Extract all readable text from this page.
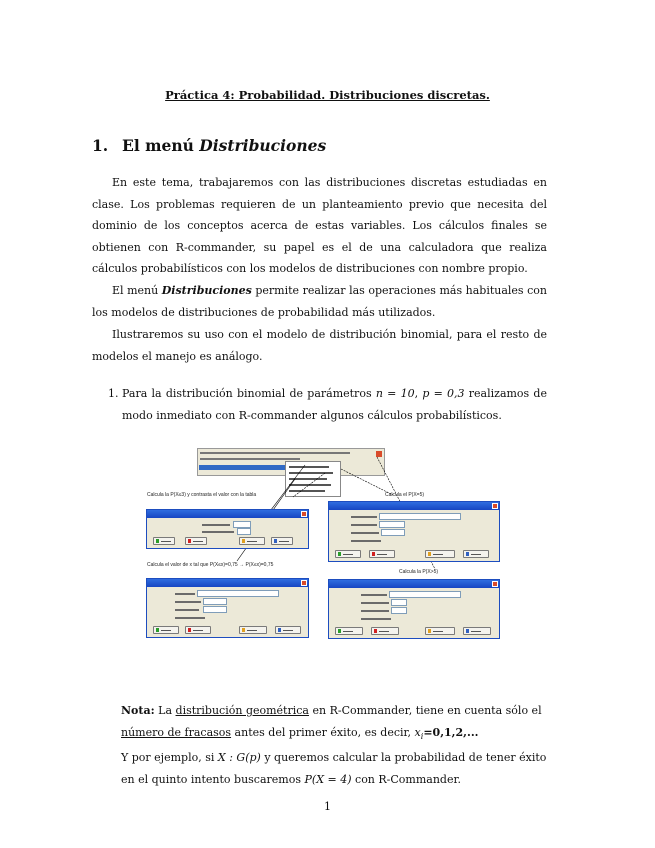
Práctica 4: Probabilidad. Distribuciones discretas.
1. El menú Distribuciones
En este tema, trabajaremos con las distribuciones discretas estudiadas en clase. Los problemas requieren de un planteamiento previo que necesita del dominio de los conceptos acerca de estas variables. Los cálculos finales se obtienen con R-commander, su papel es el de una calculadora que realiza cálculos probabilísticos con los modelos de distribuciones con nombre propio.
El menú Distribuciones permite realizar las operaciones más habituales con los modelos de distribuciones de probabilidad más utilizados.
Ilustraremos su uso con el modelo de distribución binomial, para el resto de modelos el manejo es análogo.
1. Para la distribución binomial de parámetros n = 10, p = 0,3 realizamos de modo inmediato con R-commander algunos cálculos probabilísticos.
Calcula la P(X≤3) y contrasta el valor con la tabla	Calcula el P(X=5)
Calcula el valor de x tal que P(X≤x)=0,75 → P(X≤x)=0,75
Calcula la P(X>5)
Nota: La distribución geométrica en R-Commander, tiene en cuenta sólo el número de fracasos antes del primer éxito, es decir, $x_i=0,1,2$,...
Y por ejemplo, si X : G(p) y queremos calcular la probabilidad de tener éxito en el quinto intento buscaremos P(X = 4) con R-Commander.
1
